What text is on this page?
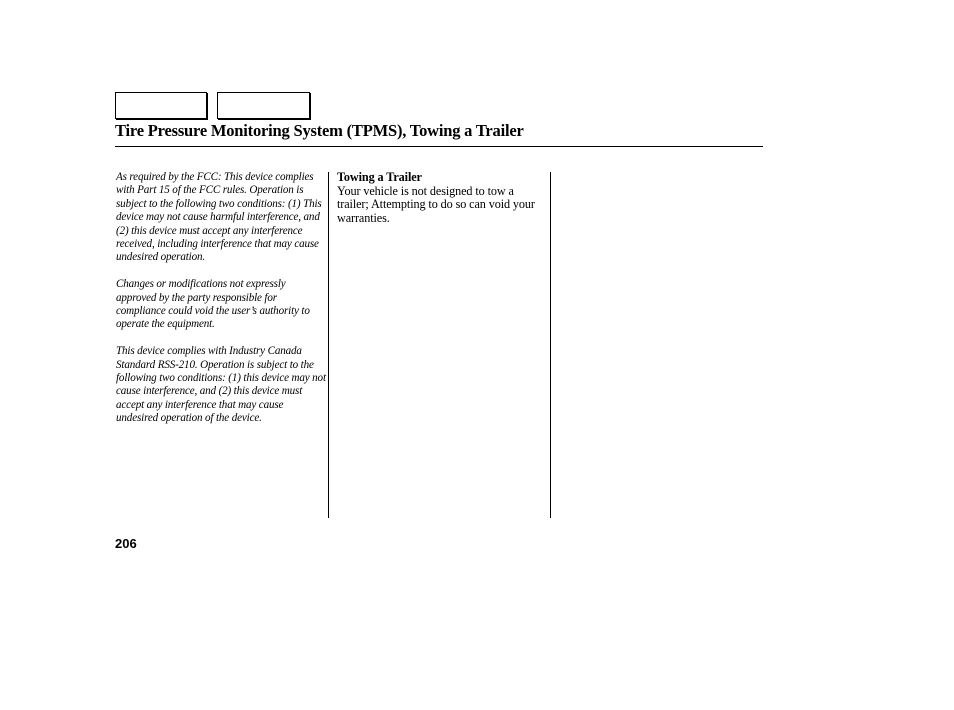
Tire Pressure Monitoring System (TPMS), Towing a Trailer

As required by the FCC: This device complies with Part 15 of the FCC rules. Operation is subject to the following two conditions: (1) This device may not cause harmful interference, and (2) this device must accept any interference received, including interference that may cause undesired operation.

Changes or modifications not expressly approved by the party responsible for compliance could void the user’s authority to operate the equipment.

This device complies with Industry Canada Standard RSS-210. Operation is subject to the following two conditions: (1) this device may not cause interference, and (2) this device must accept any interference that may cause undesired operation of the device.

Towing a Trailer

Your vehicle is not designed to tow a trailer; Attempting to do so can void your warranties.

206
